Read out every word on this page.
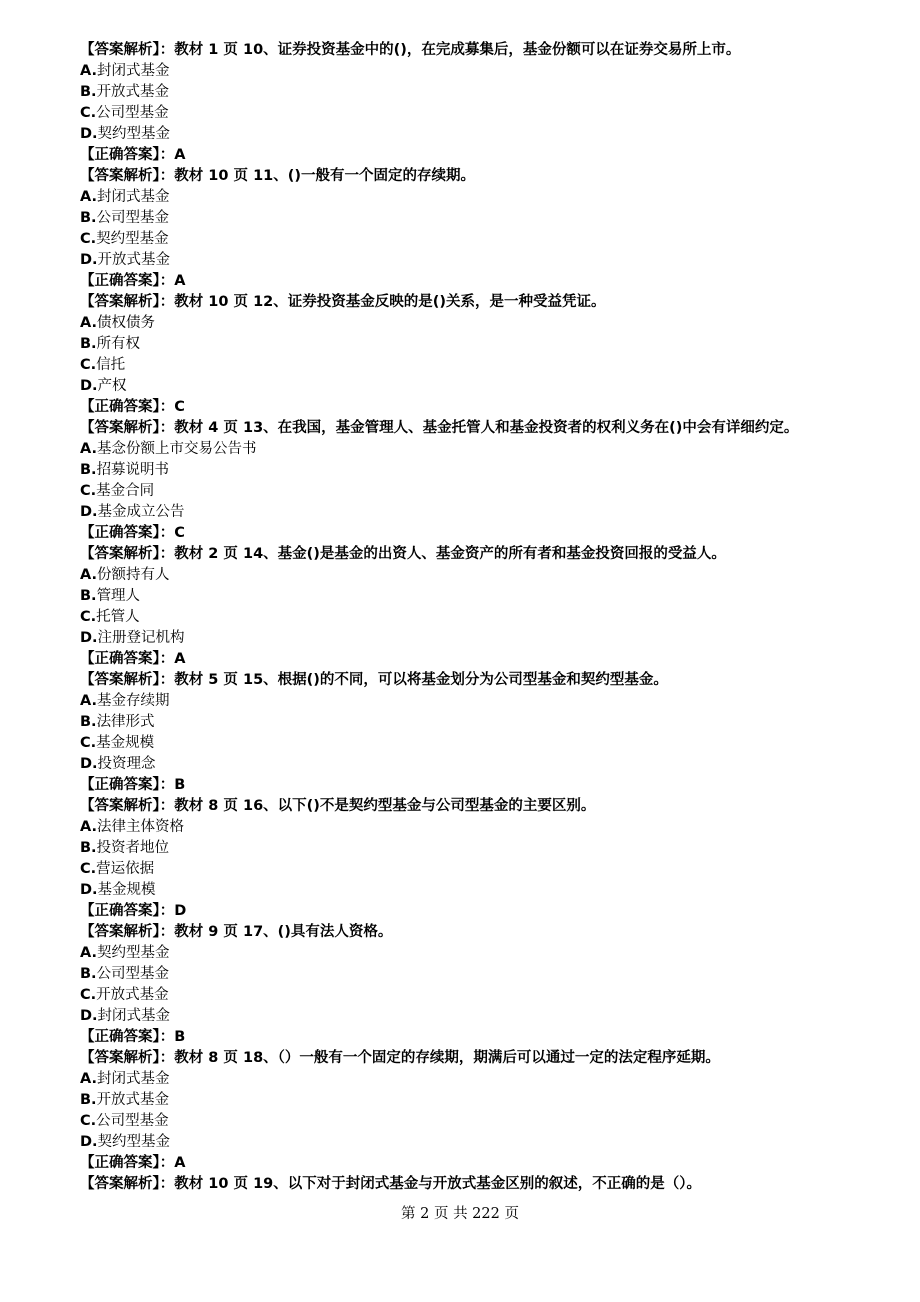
【答案解析】：教材 1 页 10、证券投资基金中的()，在完成募集后，基金份额可以在证券交易所上市。
A.封闭式基金
B.开放式基金
C.公司型基金
D.契约型基金
【正确答案】：A
【答案解析】：教材 10 页 11、()一般有一个固定的存续期。
A.封闭式基金
B.公司型基金
C.契约型基金
D.开放式基金
【正确答案】：A
【答案解析】：教材 10 页 12、证券投资基金反映的是()关系，是一种受益凭证。
A.债权债务
B.所有权
C.信托
D.产权
【正确答案】：C
【答案解析】：教材 4 页 13、在我国，基金管理人、基金托管人和基金投资者的权利义务在()中会有详细约定。
A.基念份额上市交易公告书
B.招募说明书
C.基金合同
D.基金成立公告
【正确答案】：C
【答案解析】：教材 2 页 14、基金()是基金的出资人、基金资产的所有者和基金投资回报的受益人。
A.份额持有人
B.管理人
C.托管人
D.注册登记机构
【正确答案】：A
【答案解析】：教材 5 页 15、根据()的不同，可以将基金划分为公司型基金和契约型基金。
A.基金存续期
B.法律形式
C.基金规模
D.投资理念
【正确答案】：B
【答案解析】：教材 8 页 16、以下()不是契约型基金与公司型基金的主要区别。
A.法律主体资格
B.投资者地位
C.营运依据
D.基金规模
【正确答案】：D
【答案解析】：教材 9 页 17、()具有法人资格。
A.契约型基金
B.公司型基金
C.开放式基金
D.封闭式基金
【正确答案】：B
【答案解析】：教材 8 页 18、（）一般有一个固定的存续期，期满后可以通过一定的法定程序延期。
A.封闭式基金
B.开放式基金
C.公司型基金
D.契约型基金
【正确答案】：A
【答案解析】：教材 10 页 19、以下对于封闭式基金与开放式基金区别的叙述，不正确的是（）。
第 2 页 共 222 页
